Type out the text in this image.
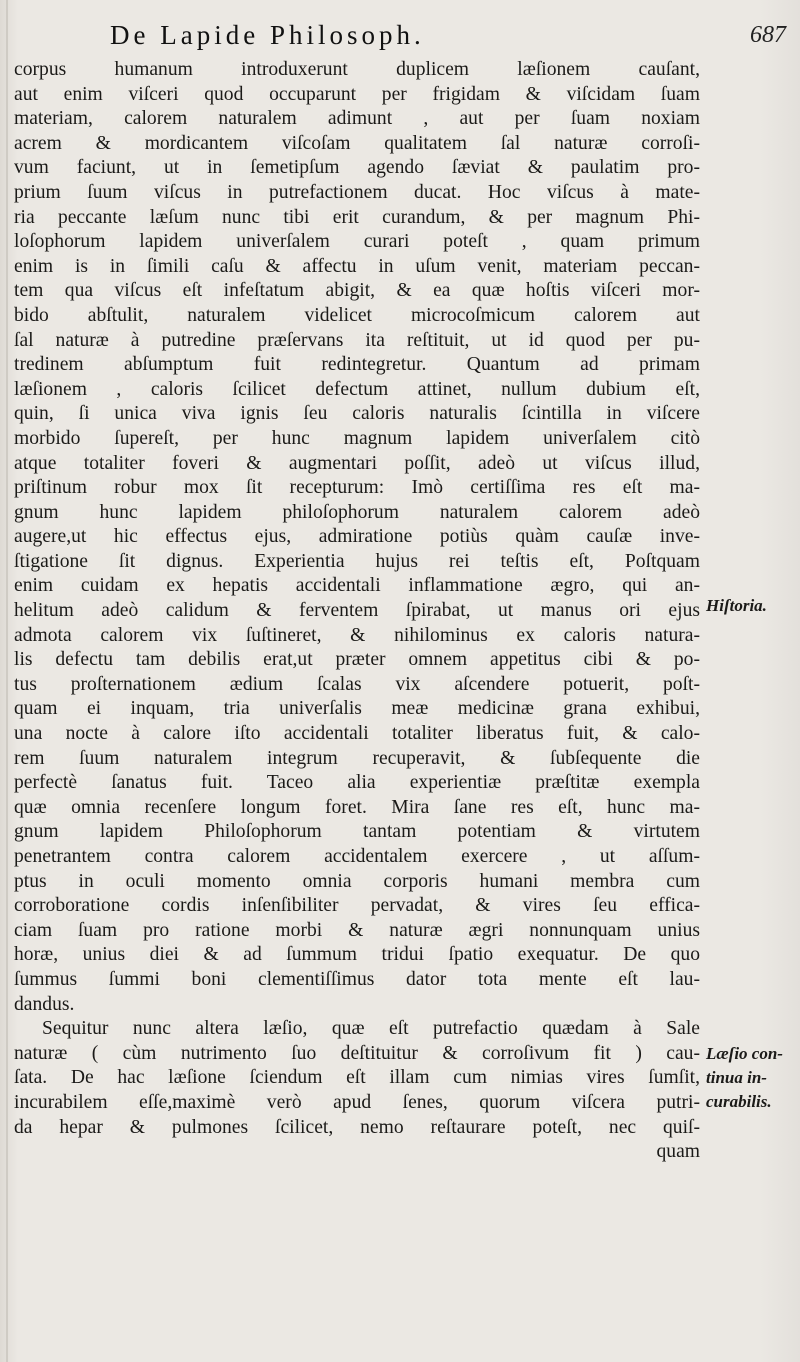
De Lapide Philosoph.	687
corpus humanum introduxerunt duplicem læſionem cauſant,
aut enim viſceri quod occuparunt per frigidam & viſcidam ſuam
materiam, calorem naturalem adimunt , aut per ſuam noxiam
acrem & mordicantem viſcoſam qualitatem ſal naturæ corroſi-
vum faciunt, ut in ſemetipſum agendo ſæviat & paulatim pro-
prium ſuum viſcus in putrefactionem ducat. Hoc viſcus à mate-
ria peccante læſum nunc tibi erit curandum, & per magnum Phi-
loſophorum lapidem univerſalem curari poteſt , quam primum
enim is in ſimili caſu & affectu in uſum venit, materiam peccan-
tem qua viſcus eſt infeſtatum abigit, & ea quæ hoſtis viſceri mor-
bido abſtulit, naturalem videlicet microcoſmicum calorem aut
ſal naturæ à putredine præſervans ita reſtituit, ut id quod per pu-
tredinem abſumptum fuit redintegretur. Quantum ad primam
læſionem , caloris ſcilicet defectum attinet, nullum dubium eſt,
quin, ſi unica viva ignis ſeu caloris naturalis ſcintilla in viſcere
morbido ſupereſt, per hunc magnum lapidem univerſalem citò
atque totaliter foveri & augmentari poſſit, adeò ut viſcus illud,
priſtinum robur mox ſit recepturum: Imò certiſſima res eſt ma-
gnum hunc lapidem philoſophorum naturalem calorem adeò
augere,ut hic effectus ejus, admiratione potiùs quàm cauſæ inve-
ſtigatione ſit dignus. Experientia hujus rei teſtis eſt, Poſtquam
enim cuidam ex hepatis accidentali inflammatione ægro, qui an-
helitum adeò calidum & ferventem ſpirabat, ut manus ori ejus
admota calorem vix ſuſtineret, & nihilominus ex caloris natura-
lis defectu tam debilis erat,ut præter omnem appetitus cibi & po-
tus proſternationem ædium ſcalas vix aſcendere potuerit, poſt-
quam ei inquam, tria univerſalis meæ medicinæ grana exhibui,
una nocte à calore iſto accidentali totaliter liberatus fuit, & calo-
rem ſuum naturalem integrum recuperavit, & ſubſequente die
perfectè ſanatus fuit. Taceo alia experientiæ præſtitæ exempla
quæ omnia recenſere longum foret. Mira ſane res eſt, hunc ma-
gnum lapidem Philoſophorum tantam potentiam & virtutem
penetrantem contra calorem accidentalem exercere , ut aſſum-
ptus in oculi momento omnia corporis humani membra cum
corroboratione cordis inſenſibiliter pervadat, & vires ſeu effica-
ciam ſuam pro ratione morbi & naturæ ægri nonnunquam unius
horæ, unius diei & ad ſummum tridui ſpatio exequatur. De quo
ſummus ſummi boni clementiſſimus dator tota mente eſt lau-
dandus.
Sequitur nunc altera læſio, quæ eſt putrefactio quædam à Sale
naturæ ( cùm nutrimento ſuo deſtituitur & corroſivum fit ) cau-
ſata. De hac læſione ſciendum eſt illam cum nimias vires ſumſit,
incurabilem eſſe,maximè verò apud ſenes, quorum viſcera putri-
da hepar & pulmones ſcilicet, nemo reſtaurare poteſt, nec quiſ-
quam
Hiſtoria.
Læſio con-
tinua in-
curabilis.
